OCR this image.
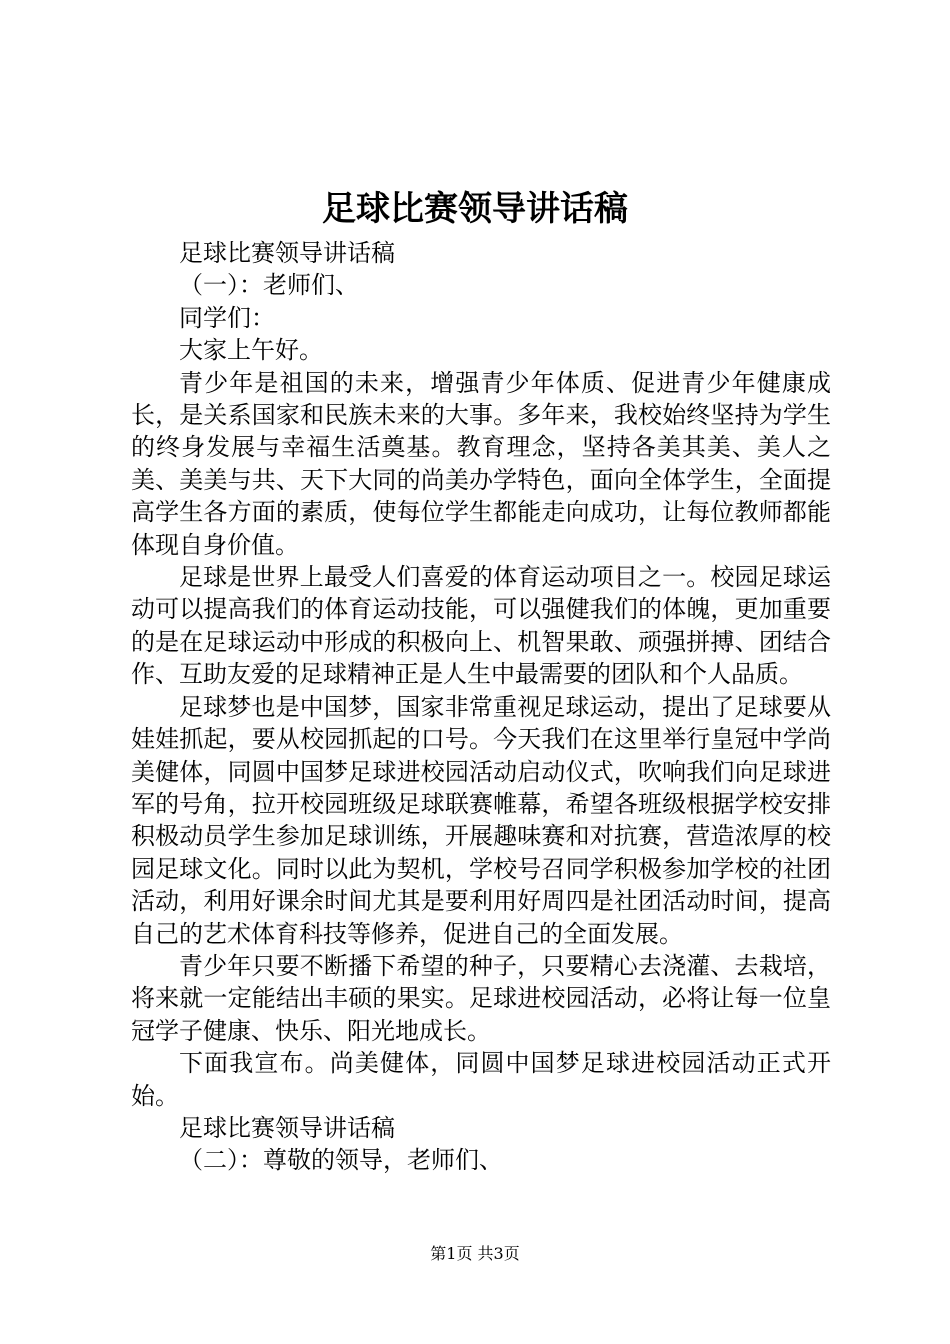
足球比赛领导讲话稿

足球比赛领导讲话稿

（一）：老师们、

同学们：

大家上午好。

青少年是祖国的未来，增强青少年体质、促进青少年健康成长，是关系国家和民族未来的大事。多年来，我校始终坚持为学生的终身发展与幸福生活奠基。教育理念，坚持各美其美、美人之美、美美与共、天下大同的尚美办学特色，面向全体学生，全面提高学生各方面的素质，使每位学生都能走向成功，让每位教师都能体现自身价值。

足球是世界上最受人们喜爱的体育运动项目之一。校园足球运动可以提高我们的体育运动技能，可以强健我们的体魄，更加重要的是在足球运动中形成的积极向上、机智果敢、顽强拼搏、团结合作、互助友爱的足球精神正是人生中最需要的团队和个人品质。

足球梦也是中国梦，国家非常重视足球运动，提出了足球要从娃娃抓起，要从校园抓起的口号。今天我们在这里举行皇冠中学尚美健体，同圆中国梦足球进校园活动启动仪式，吹响我们向足球进军的号角，拉开校园班级足球联赛帷幕，希望各班级根据学校安排积极动员学生参加足球训练，开展趣味赛和对抗赛，营造浓厚的校园足球文化。同时以此为契机，学校号召同学积极参加学校的社团活动，利用好课余时间尤其是要利用好周四是社团活动时间，提高自己的艺术体育科技等修养，促进自己的全面发展。

青少年只要不断播下希望的种子，只要精心去浇灌、去栽培，将来就一定能结出丰硕的果实。足球进校园活动，必将让每一位皇冠学子健康、快乐、阳光地成长。

下面我宣布。尚美健体，同圆中国梦足球进校园活动正式开始。

足球比赛领导讲话稿

（二）：尊敬的领导，老师们、

第1页 共3页
